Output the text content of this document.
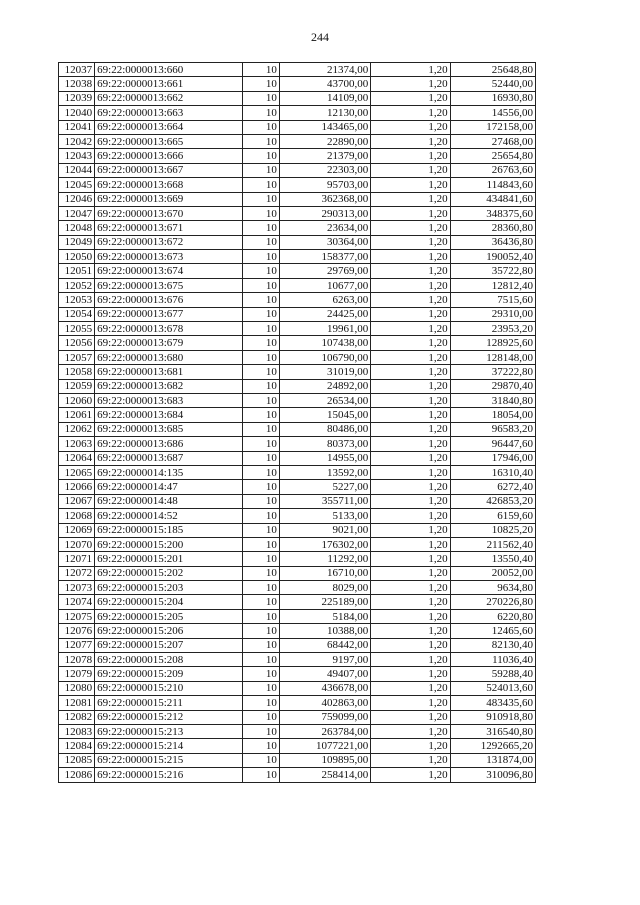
244
12037	69:22:0000013:660	10	21374,00	1,20	25648,80
12038	69:22:0000013:661	10	43700,00	1,20	52440,00
12039	69:22:0000013:662	10	14109,00	1,20	16930,80
12040	69:22:0000013:663	10	12130,00	1,20	14556,00
12041	69:22:0000013:664	10	143465,00	1,20	172158,00
12042	69:22:0000013:665	10	22890,00	1,20	27468,00
12043	69:22:0000013:666	10	21379,00	1,20	25654,80
12044	69:22:0000013:667	10	22303,00	1,20	26763,60
12045	69:22:0000013:668	10	95703,00	1,20	114843,60
12046	69:22:0000013:669	10	362368,00	1,20	434841,60
12047	69:22:0000013:670	10	290313,00	1,20	348375,60
12048	69:22:0000013:671	10	23634,00	1,20	28360,80
12049	69:22:0000013:672	10	30364,00	1,20	36436,80
12050	69:22:0000013:673	10	158377,00	1,20	190052,40
12051	69:22:0000013:674	10	29769,00	1,20	35722,80
12052	69:22:0000013:675	10	10677,00	1,20	12812,40
12053	69:22:0000013:676	10	6263,00	1,20	7515,60
12054	69:22:0000013:677	10	24425,00	1,20	29310,00
12055	69:22:0000013:678	10	19961,00	1,20	23953,20
12056	69:22:0000013:679	10	107438,00	1,20	128925,60
12057	69:22:0000013:680	10	106790,00	1,20	128148,00
12058	69:22:0000013:681	10	31019,00	1,20	37222,80
12059	69:22:0000013:682	10	24892,00	1,20	29870,40
12060	69:22:0000013:683	10	26534,00	1,20	31840,80
12061	69:22:0000013:684	10	15045,00	1,20	18054,00
12062	69:22:0000013:685	10	80486,00	1,20	96583,20
12063	69:22:0000013:686	10	80373,00	1,20	96447,60
12064	69:22:0000013:687	10	14955,00	1,20	17946,00
12065	69:22:0000014:135	10	13592,00	1,20	16310,40
12066	69:22:0000014:47	10	5227,00	1,20	6272,40
12067	69:22:0000014:48	10	355711,00	1,20	426853,20
12068	69:22:0000014:52	10	5133,00	1,20	6159,60
12069	69:22:0000015:185	10	9021,00	1,20	10825,20
12070	69:22:0000015:200	10	176302,00	1,20	211562,40
12071	69:22:0000015:201	10	11292,00	1,20	13550,40
12072	69:22:0000015:202	10	16710,00	1,20	20052,00
12073	69:22:0000015:203	10	8029,00	1,20	9634,80
12074	69:22:0000015:204	10	225189,00	1,20	270226,80
12075	69:22:0000015:205	10	5184,00	1,20	6220,80
12076	69:22:0000015:206	10	10388,00	1,20	12465,60
12077	69:22:0000015:207	10	68442,00	1,20	82130,40
12078	69:22:0000015:208	10	9197,00	1,20	11036,40
12079	69:22:0000015:209	10	49407,00	1,20	59288,40
12080	69:22:0000015:210	10	436678,00	1,20	524013,60
12081	69:22:0000015:211	10	402863,00	1,20	483435,60
12082	69:22:0000015:212	10	759099,00	1,20	910918,80
12083	69:22:0000015:213	10	263784,00	1,20	316540,80
12084	69:22:0000015:214	10	1077221,00	1,20	1292665,20
12085	69:22:0000015:215	10	109895,00	1,20	131874,00
12086	69:22:0000015:216	10	258414,00	1,20	310096,80
